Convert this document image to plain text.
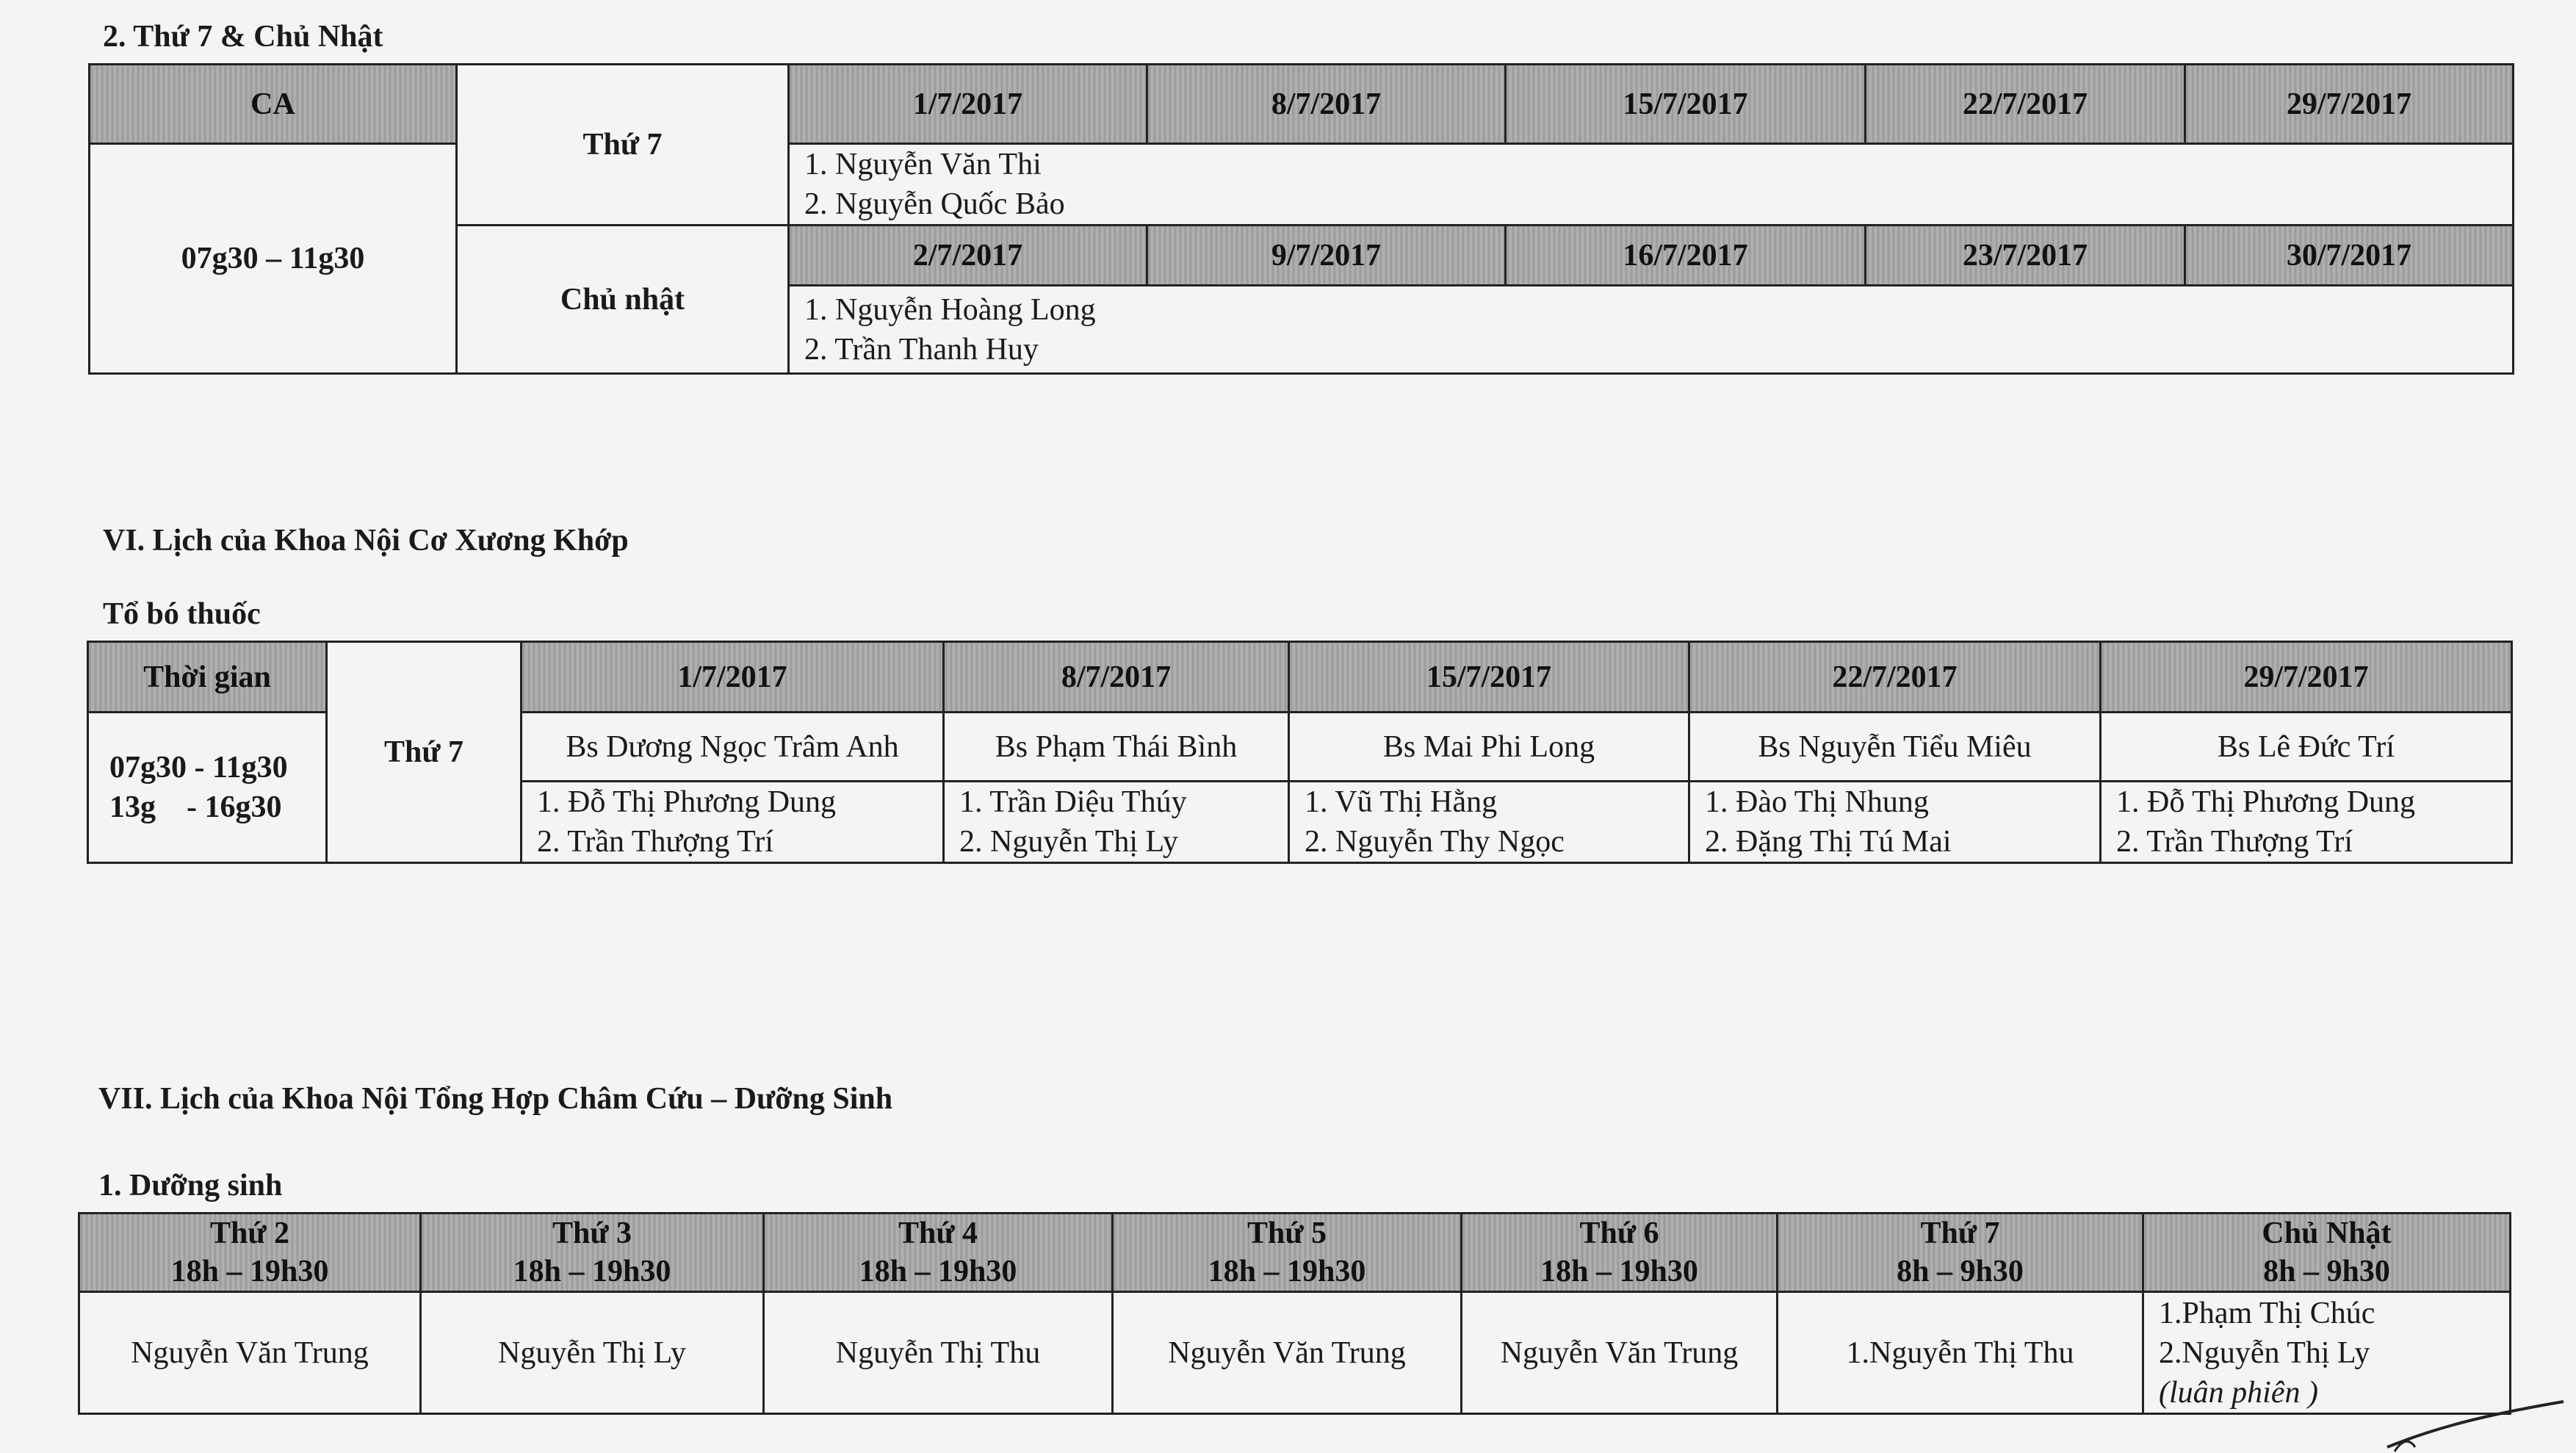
2. Thứ 7 & Chủ Nhật
CA	Thứ 7	1/7/2017	8/7/2017	15/7/2017	22/7/2017	29/7/2017
07g30 – 11g30		1. Nguyễn Văn Thi
2. Nguyễn Quốc Bảo				

	Chủ nhật	2/7/2017	9/7/2017	16/7/2017	23/7/2017	30/7/2017

		1. Nguyễn Hoàng Long
2. Trần Thanh Huy				
VI. Lịch của Khoa Nội Cơ Xương Khớp
Tổ bó thuốc
Thời gian	Thứ 7	1/7/2017	8/7/2017	15/7/2017	22/7/2017	29/7/2017

07g30 - 11g30
13g    - 16g30		Bs Dương Ngọc Trâm Anh	Bs Phạm Thái Bình	Bs Mai Phi Long	Bs Nguyễn Tiểu Miêu	Bs Lê Đức Trí

		1. Đỗ Thị Phương Dung
2. Trần Thượng Trí	1. Trần Diệu Thúy
2. Nguyễn Thị Ly	1. Vũ Thị Hằng
2. Nguyễn Thy Ngọc	1. Đào Thị Nhung
2. Đặng Thị Tú Mai	1. Đỗ Thị Phương Dung
2. Trần Thượng Trí
VII. Lịch của Khoa Nội Tổng Hợp Châm Cứu – Dưỡng Sinh
1. Dưỡng sinh
Thứ 2
18h – 19h30	Thứ 3
18h – 19h30	Thứ 4
18h – 19h30	Thứ 5
18h – 19h30	Thứ 6
18h – 19h30	Thứ 7
8h – 9h30	Chủ Nhật
8h – 9h30

Nguyễn Văn Trung	Nguyễn Thị Ly	Nguyễn Thị Thu	Nguyễn Văn Trung	Nguyễn Văn Trung	1.Nguyễn Thị Thu	1.Phạm Thị Chúc
2.Nguyễn Thị Ly
(luân phiên )
